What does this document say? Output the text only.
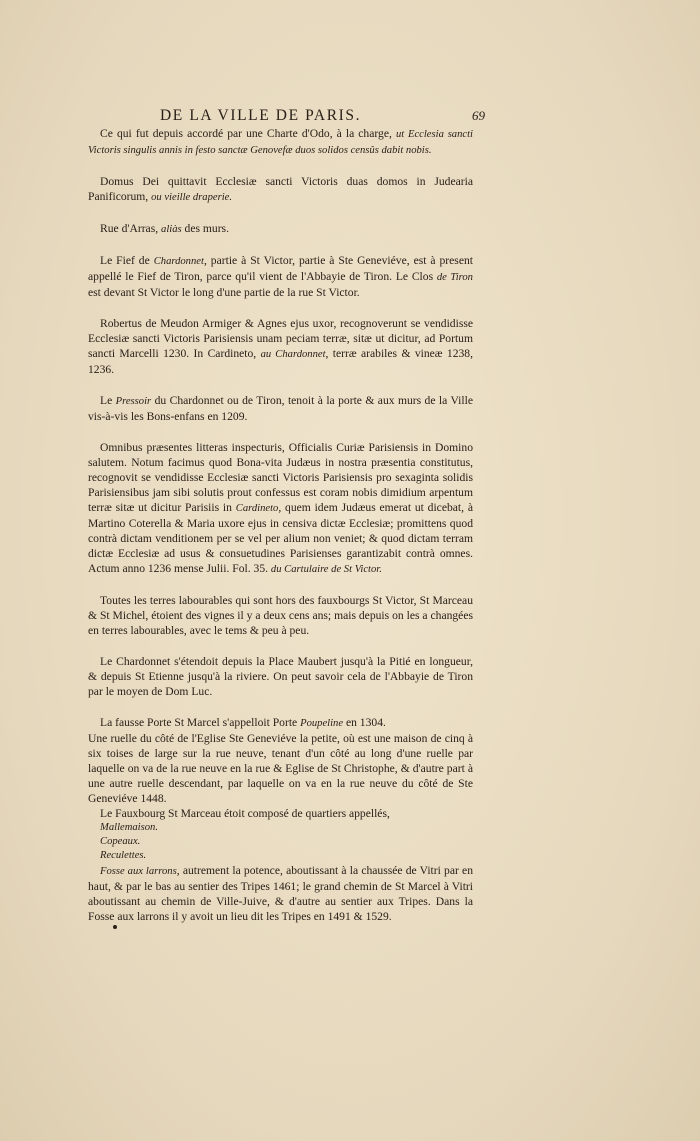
DE LA VILLE DE PARIS.	69

Ce qui fut depuis accordé par une Charte d'Odo, à la charge, ut Ecclesia sancti Victoris singulis annis in festo sanctæ Genovefæ duos solidos censûs dabit nobis.

Domus Dei quittavit Ecclesiæ sancti Victoris duas domos in Judearia Panificorum, ou vieille draperie.

Rue d'Arras, aliàs des murs.

Le Fief de Chardonnet, partie à St Victor, partie à Ste Geneviéve, est à present appellé le Fief de Tiron, parce qu'il vient de l'Abbayie de Tiron. Le Clos de Tiron est devant St Victor le long d'une partie de la rue St Victor.

Robertus de Meudon Armiger & Agnes ejus uxor, recognoverunt se vendidisse Ecclesiæ sancti Victoris Parisiensis unam peciam terræ, sitæ ut dicitur, ad Portum sancti Marcelli 1230. In Cardineto, au Chardonnet, terræ arabiles & vineæ 1238, 1236.

Le Pressoir du Chardonnet ou de Tiron, tenoit à la porte & aux murs de la Ville vis-à-vis les Bons-enfans en 1209.

Omnibus præsentes litteras inspecturis, Officialis Curiæ Parisiensis in Domino salutem. Notum facimus quod Bona-vita Judæus in nostra præsentia constitutus, recognovit se vendidisse Ecclesiæ sancti Victoris Parisiensis pro sexaginta solidis Parisiensibus jam sibi solutis prout confessus est coram nobis dimidium arpentum terræ sitæ ut dicitur Parisiis in Cardineto, quem idem Judæus emerat ut dicebat, à Martino Coterella & Maria uxore ejus in censiva dictæ Ecclesiæ; promittens quod contrà dictam venditionem per se vel per alium non veniet; & quod dictam terram dictæ Ecclesiæ ad usus & consuetudines Parisienses garantizabit contrà omnes. Actum anno 1236 mense Julii. Fol. 35. du Cartulaire de St Victor.

Toutes les terres labourables qui sont hors des fauxbourgs St Victor, St Marceau & St Michel, étoient des vignes il y a deux cens ans; mais depuis on les a changées en terres labourables, avec le tems & peu à peu.

Le Chardonnet s'étendoit depuis la Place Maubert jusqu'à la Pitié en longueur, & depuis St Etienne jusqu'à la riviere. On peut savoir cela de l'Abbayie de Tiron par le moyen de Dom Luc.

La fausse Porte St Marcel s'appelloit Porte Poupeline en 1304.

Une ruelle du côté de l'Eglise Ste Geneviéve la petite, où est une maison de cinq à six toises de large sur la rue neuve, tenant d'un côté au long d'une ruelle par laquelle on va de la rue neuve en la rue & Eglise de St Christophe, & d'autre part à une autre ruelle descendant, par laquelle on va en la rue neuve du côté de Ste Geneviéve 1448.

Le Fauxbourg St Marceau étoit composé de quartiers appellés,

Mallemaison.

Copeaux.

Reculettes.

Fosse aux larrons, autrement la potence, aboutissant à la chaussée de Vitri par en haut, & par le bas au sentier des Tripes 1461; le grand chemin de St Marcel à Vitri aboutissant au chemin de Ville-Juive, & d'autre au sentier aux Tripes. Dans la Fosse aux larrons il y avoit un lieu dit les Tripes en 1491 & 1529.
